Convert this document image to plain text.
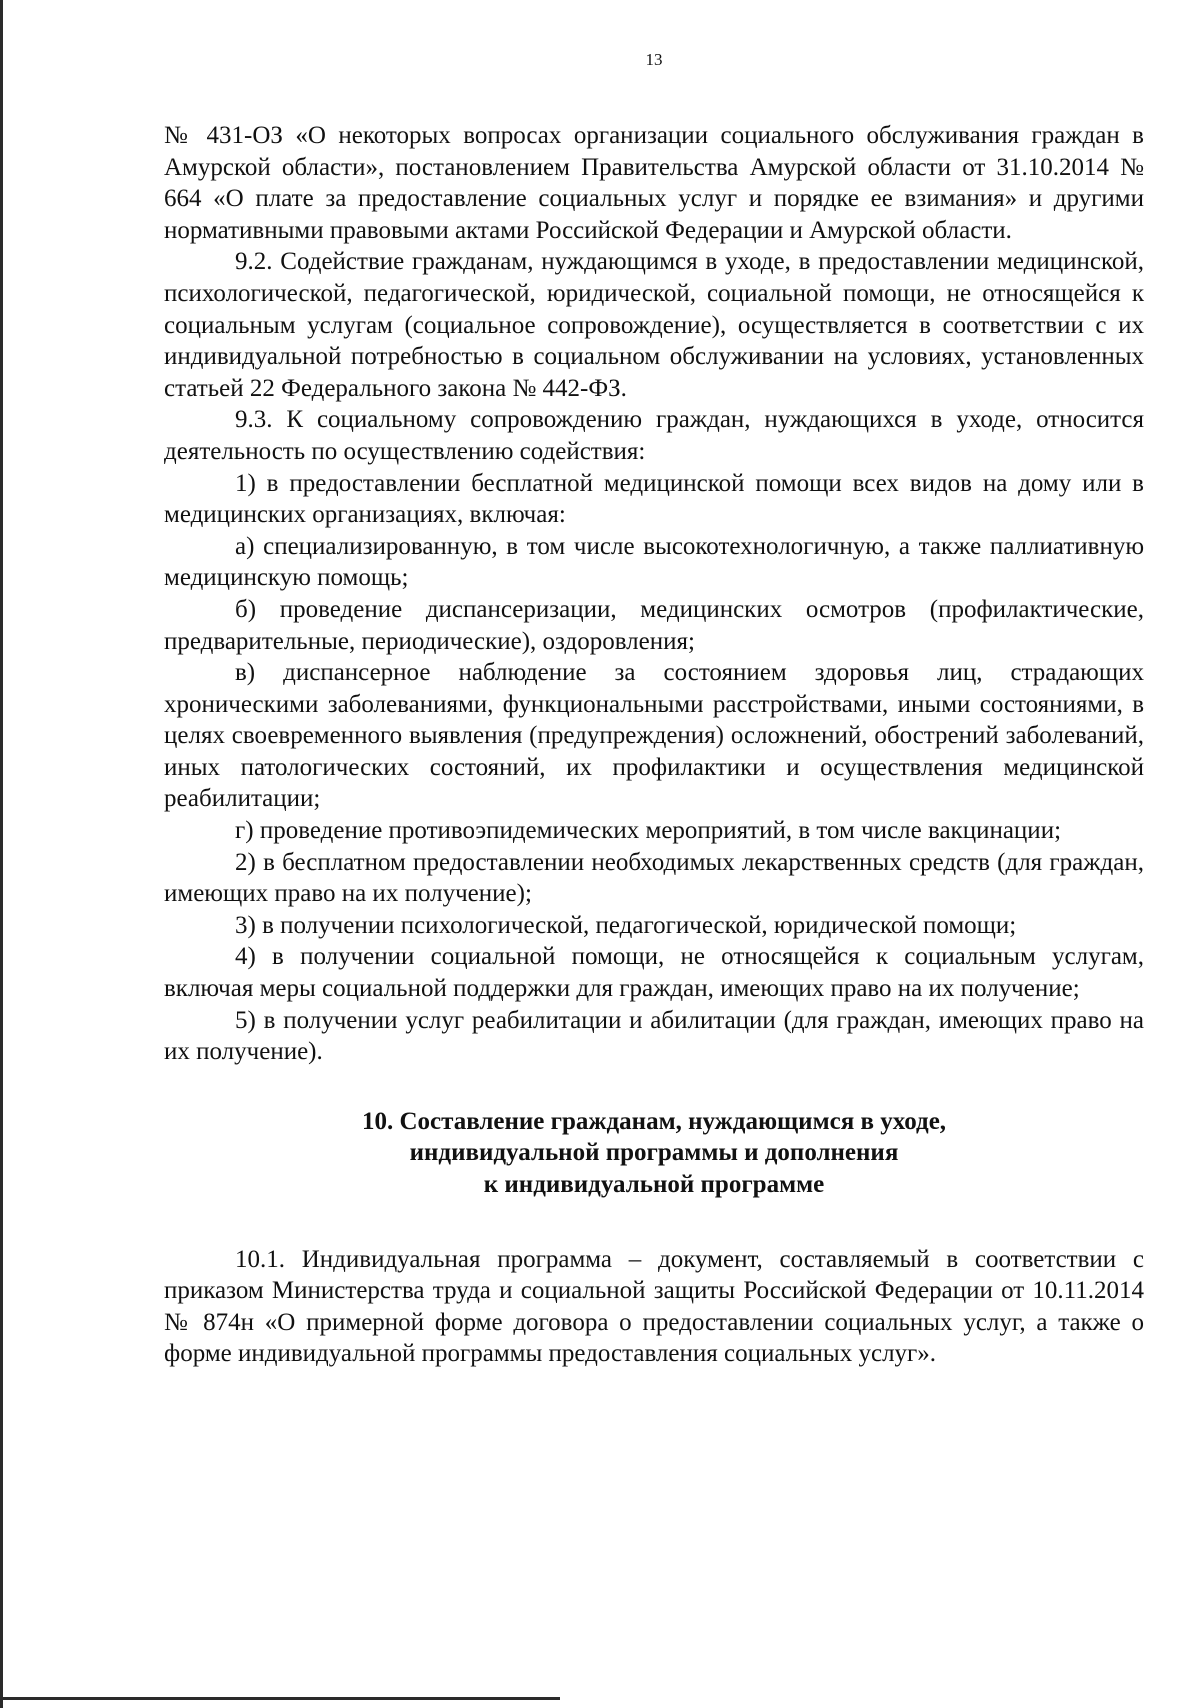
13

№ 431-ОЗ «О некоторых вопросах организации социального обслуживания граждан в Амурской области», постановлением Правительства Амурской области от 31.10.2014 № 664 «О плате за предоставление социальных услуг и порядке ее взимания» и другими нормативными правовыми актами Российской Федерации и Амурской области.

9.2. Содействие гражданам, нуждающимся в уходе, в предоставлении медицинской, психологической, педагогической, юридической, социальной помощи, не относящейся к социальным услугам (социальное сопровождение), осуществляется в соответствии с их индивидуальной потребностью в социальном обслуживании на условиях, установленных статьей 22 Федерального закона № 442-ФЗ.

9.3. К социальному сопровождению граждан, нуждающихся в уходе, относится деятельность по осуществлению содействия:

1) в предоставлении бесплатной медицинской помощи всех видов на дому или в медицинских организациях, включая:

а) специализированную, в том числе высокотехнологичную, а также паллиативную медицинскую помощь;

б) проведение диспансеризации, медицинских осмотров (профилактические, предварительные, периодические), оздоровления;

в) диспансерное наблюдение за состоянием здоровья лиц, страдающих хроническими заболеваниями, функциональными расстройствами, иными состояниями, в целях своевременного выявления (предупреждения) осложнений, обострений заболеваний, иных патологических состояний, их профилактики и осуществления медицинской реабилитации;

г) проведение противоэпидемических мероприятий, в том числе вакцинации;

2) в бесплатном предоставлении необходимых лекарственных средств (для граждан, имеющих право на их получение);

3) в получении психологической, педагогической, юридической помощи;

4) в получении социальной помощи, не относящейся к социальным услугам, включая меры социальной поддержки для граждан, имеющих право на их получение;

5) в получении услуг реабилитации и абилитации (для граждан, имеющих право на их получение).

10. Составление гражданам, нуждающимся в уходе,
индивидуальной программы и дополнения
к индивидуальной программе

10.1. Индивидуальная программа – документ, составляемый в соответствии с приказом Министерства труда и социальной защиты Российской Федерации от 10.11.2014 № 874н «О примерной форме договора о предоставлении социальных услуг, а также о форме индивидуальной программы предоставления социальных услуг».
